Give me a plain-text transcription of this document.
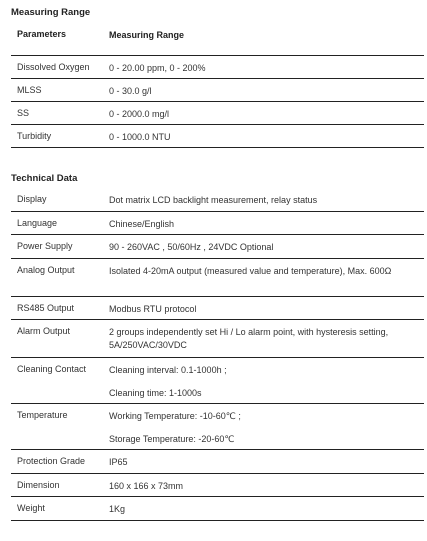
Measuring Range
Parameters	Measuring Range
Dissolved Oxygen	0 - 20.00 ppm, 0 - 200%
MLSS	0 - 30.0 g/l
SS	0 - 2000.0 mg/l
Turbidity	0 - 1000.0 NTU
Technical Data
Display	Dot matrix LCD backlight measurement, relay status

Language	Chinese/English

Power Supply	90 - 260VAC , 50/60Hz , 24VDC Optional

Analog Output	Isolated 4-20mA output (measured value and temperature), Max. 600Ω

RS485 Output	Modbus RTU protocol

Alarm Output	2 groups independently set Hi / Lo alarm point, with hysteresis setting, 5A/250VAC/30VDC

Cleaning Contact	Cleaning interval: 0.1-1000h ;
Cleaning time: 1-1000s

Temperature	Working Temperature: -10-60℃ ;
Storage Temperature: -20-60℃

Protection Grade	IP65

Dimension	160 x 166 x 73mm

Weight	1Kg
